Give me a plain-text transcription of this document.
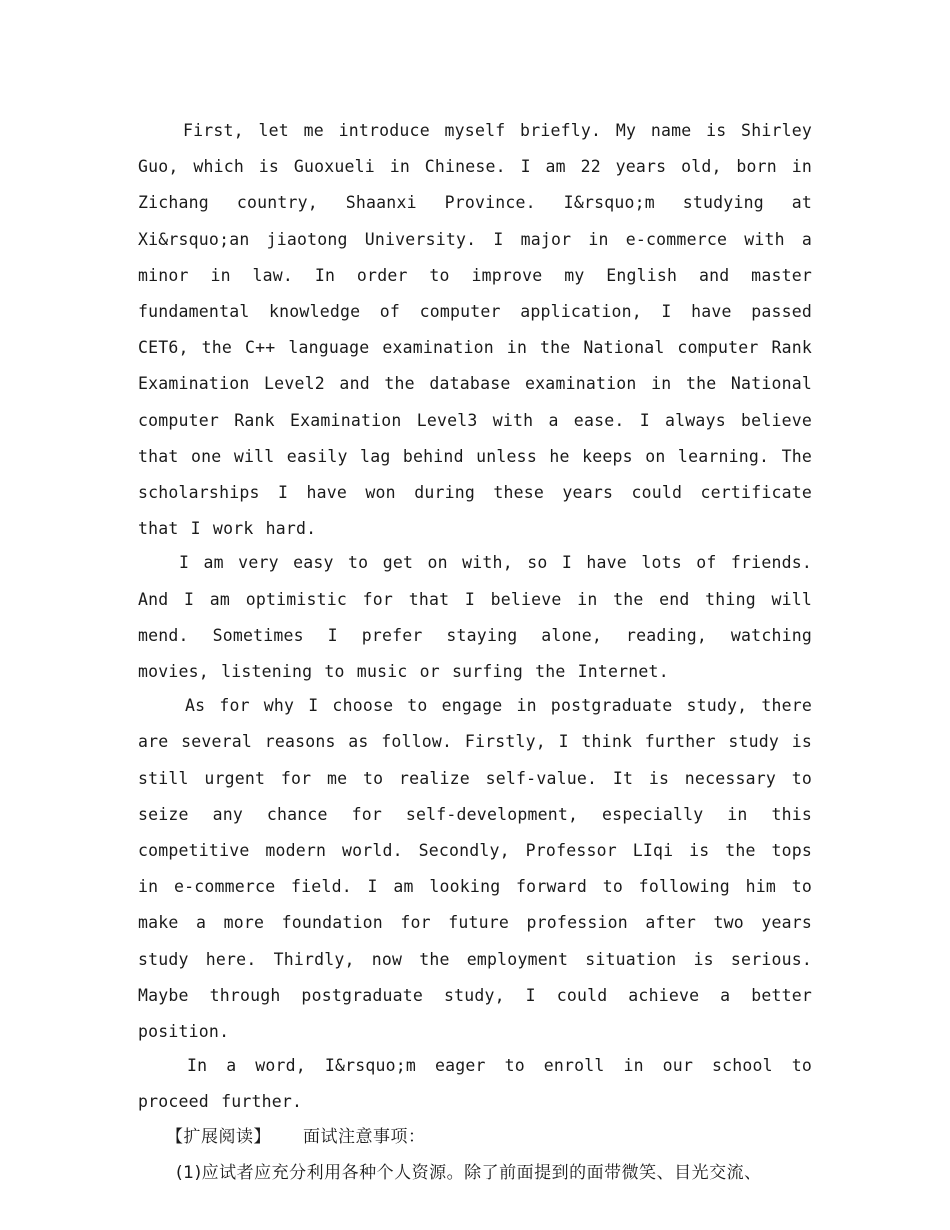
First, let me introduce myself briefly. My name is Shirley Guo, which is Guoxueli in Chinese. I am 22 years old, born in Zichang country, Shaanxi Province. I&rsquo;m studying at Xi&rsquo;an jiaotong University. I major in e-commerce with a minor in law. In order to improve my English and master fundamental knowledge of computer application, I have passed CET6, the C++ language examination in the National computer Rank Examination Level2 and the database examination in the National computer Rank Examination Level3 with a ease. I always believe that one will easily lag behind unless he keeps on learning. The scholarships I have won during these years could certificate that I work hard.

I am very easy to get on with, so I have lots of friends. And I am optimistic for that I believe in the end thing will mend. Sometimes I prefer staying alone, reading, watching movies, listening to music or surfing the Internet.

As for why I choose to engage in postgraduate study, there are several reasons as follow. Firstly, I think further study is still urgent for me to realize self-value. It is necessary to seize any chance for self-development, especially in this competitive modern world. Secondly, Professor LIqi is the tops in e-commerce field. I am looking forward to following him to make a more foundation for future profession after two years study here. Thirdly, now the employment situation is serious. Maybe through postgraduate study, I could achieve a better position.

In a word, I&rsquo;m eager to enroll in our school to proceed further.

【扩展阅读】 面试注意事项：

(1)应试者应充分利用各种个人资源。除了前面提到的面带微笑、目光交流、
